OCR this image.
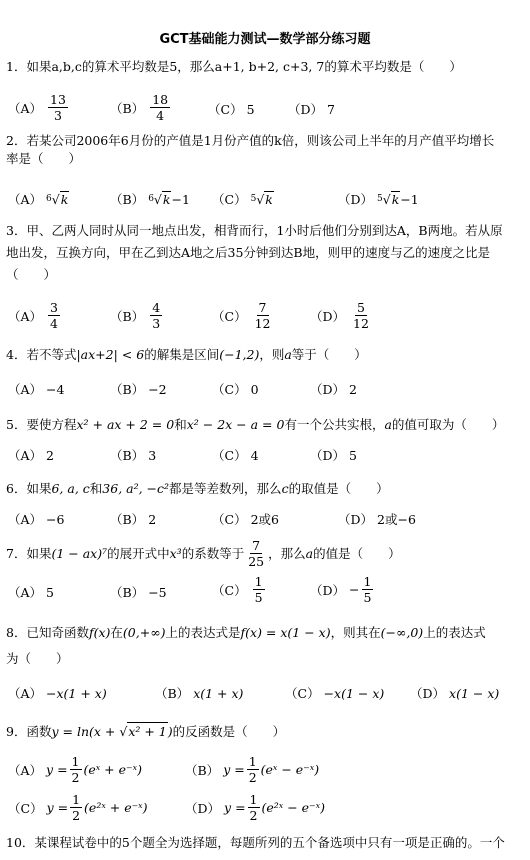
GCT基础能力测试—数学部分练习题
1．如果a,b,c的算术平均数是5，那么a+1, b+2, c+3, 7的算术平均数是（　　）
$(A) \frac{13}{3}$	$(B) \frac{18}{4}$	（C） 5	（D） 7
2．若某公司2006年6月份的产值是1月份产值的k倍，则该公司上半年的月产值平均增长
率是（　　）
（A） 6 √ k	（B） 6 √ k −1 （C） 5 √ k	（D） 5 √ k −1
3．甲、乙两人同时从同一地点出发，相背而行，1小时后他们分别到达A，B两地。若从原
地出发，互换方向，甲在乙到达A地之后35分钟到达B地，则甲的速度与乙的速度之比是
（　　）
$(A) \frac{3}{4}$	$(B) \frac{4}{3}$	$(C) \frac{7}{12}$	$(D) \frac{5}{12}$
4．若不等式|ax+2| < 6的解集是区间(−1,2)，则a等于（　　）
（A） −4	（B） −2	（C） 0	（D） 2
5．要使方程x² + ax + 2 = 0和x² − 2x − a = 0有一个公共实根，a的值可取为（　　）
（A） 2	（B） 3	（C） 4	（D） 5
6．如果6, a, c和36, a², −c²都是等差数列，那么c的取值是（　　）
（A） −6	（B） 2	（C） 2或6	（D） 2或−6
7． 如果 (1 − ax)⁷ 的展开式中 x³ 的系数等于 $\frac{7}{25}$ ，那么 a 的值是（　　）
（A） 5	（B） −5	$(C) \frac{1}{5}$	$(D) - \frac{1}{5}$
8．已知奇函数f(x)在(0,+∞)上的表达式是f(x) = x(1 − x)，则其在(−∞,0)上的表达式
为（　　）
（A） −x(1 + x)	（B） x(1 + x)	（C） −x(1 − x) （D） x(1 − x)
9．函数y = ln(x + √x² + 1)的反函数是（　　）
（A） $y = \frac{1}{2}$ (eˣ + e⁻ˣ)	（B） $y = \frac{1}{2}$ (eˣ − e⁻ˣ)
（C） $y = \frac{1}{2}$ (e²ˣ + e⁻ˣ)	（D） $y = \frac{1}{2}$ (e²ˣ − e⁻ˣ)
10．某课程试卷中的5个题全为选择题，每题所列的五个备选项中只有一项是正确的。一个
